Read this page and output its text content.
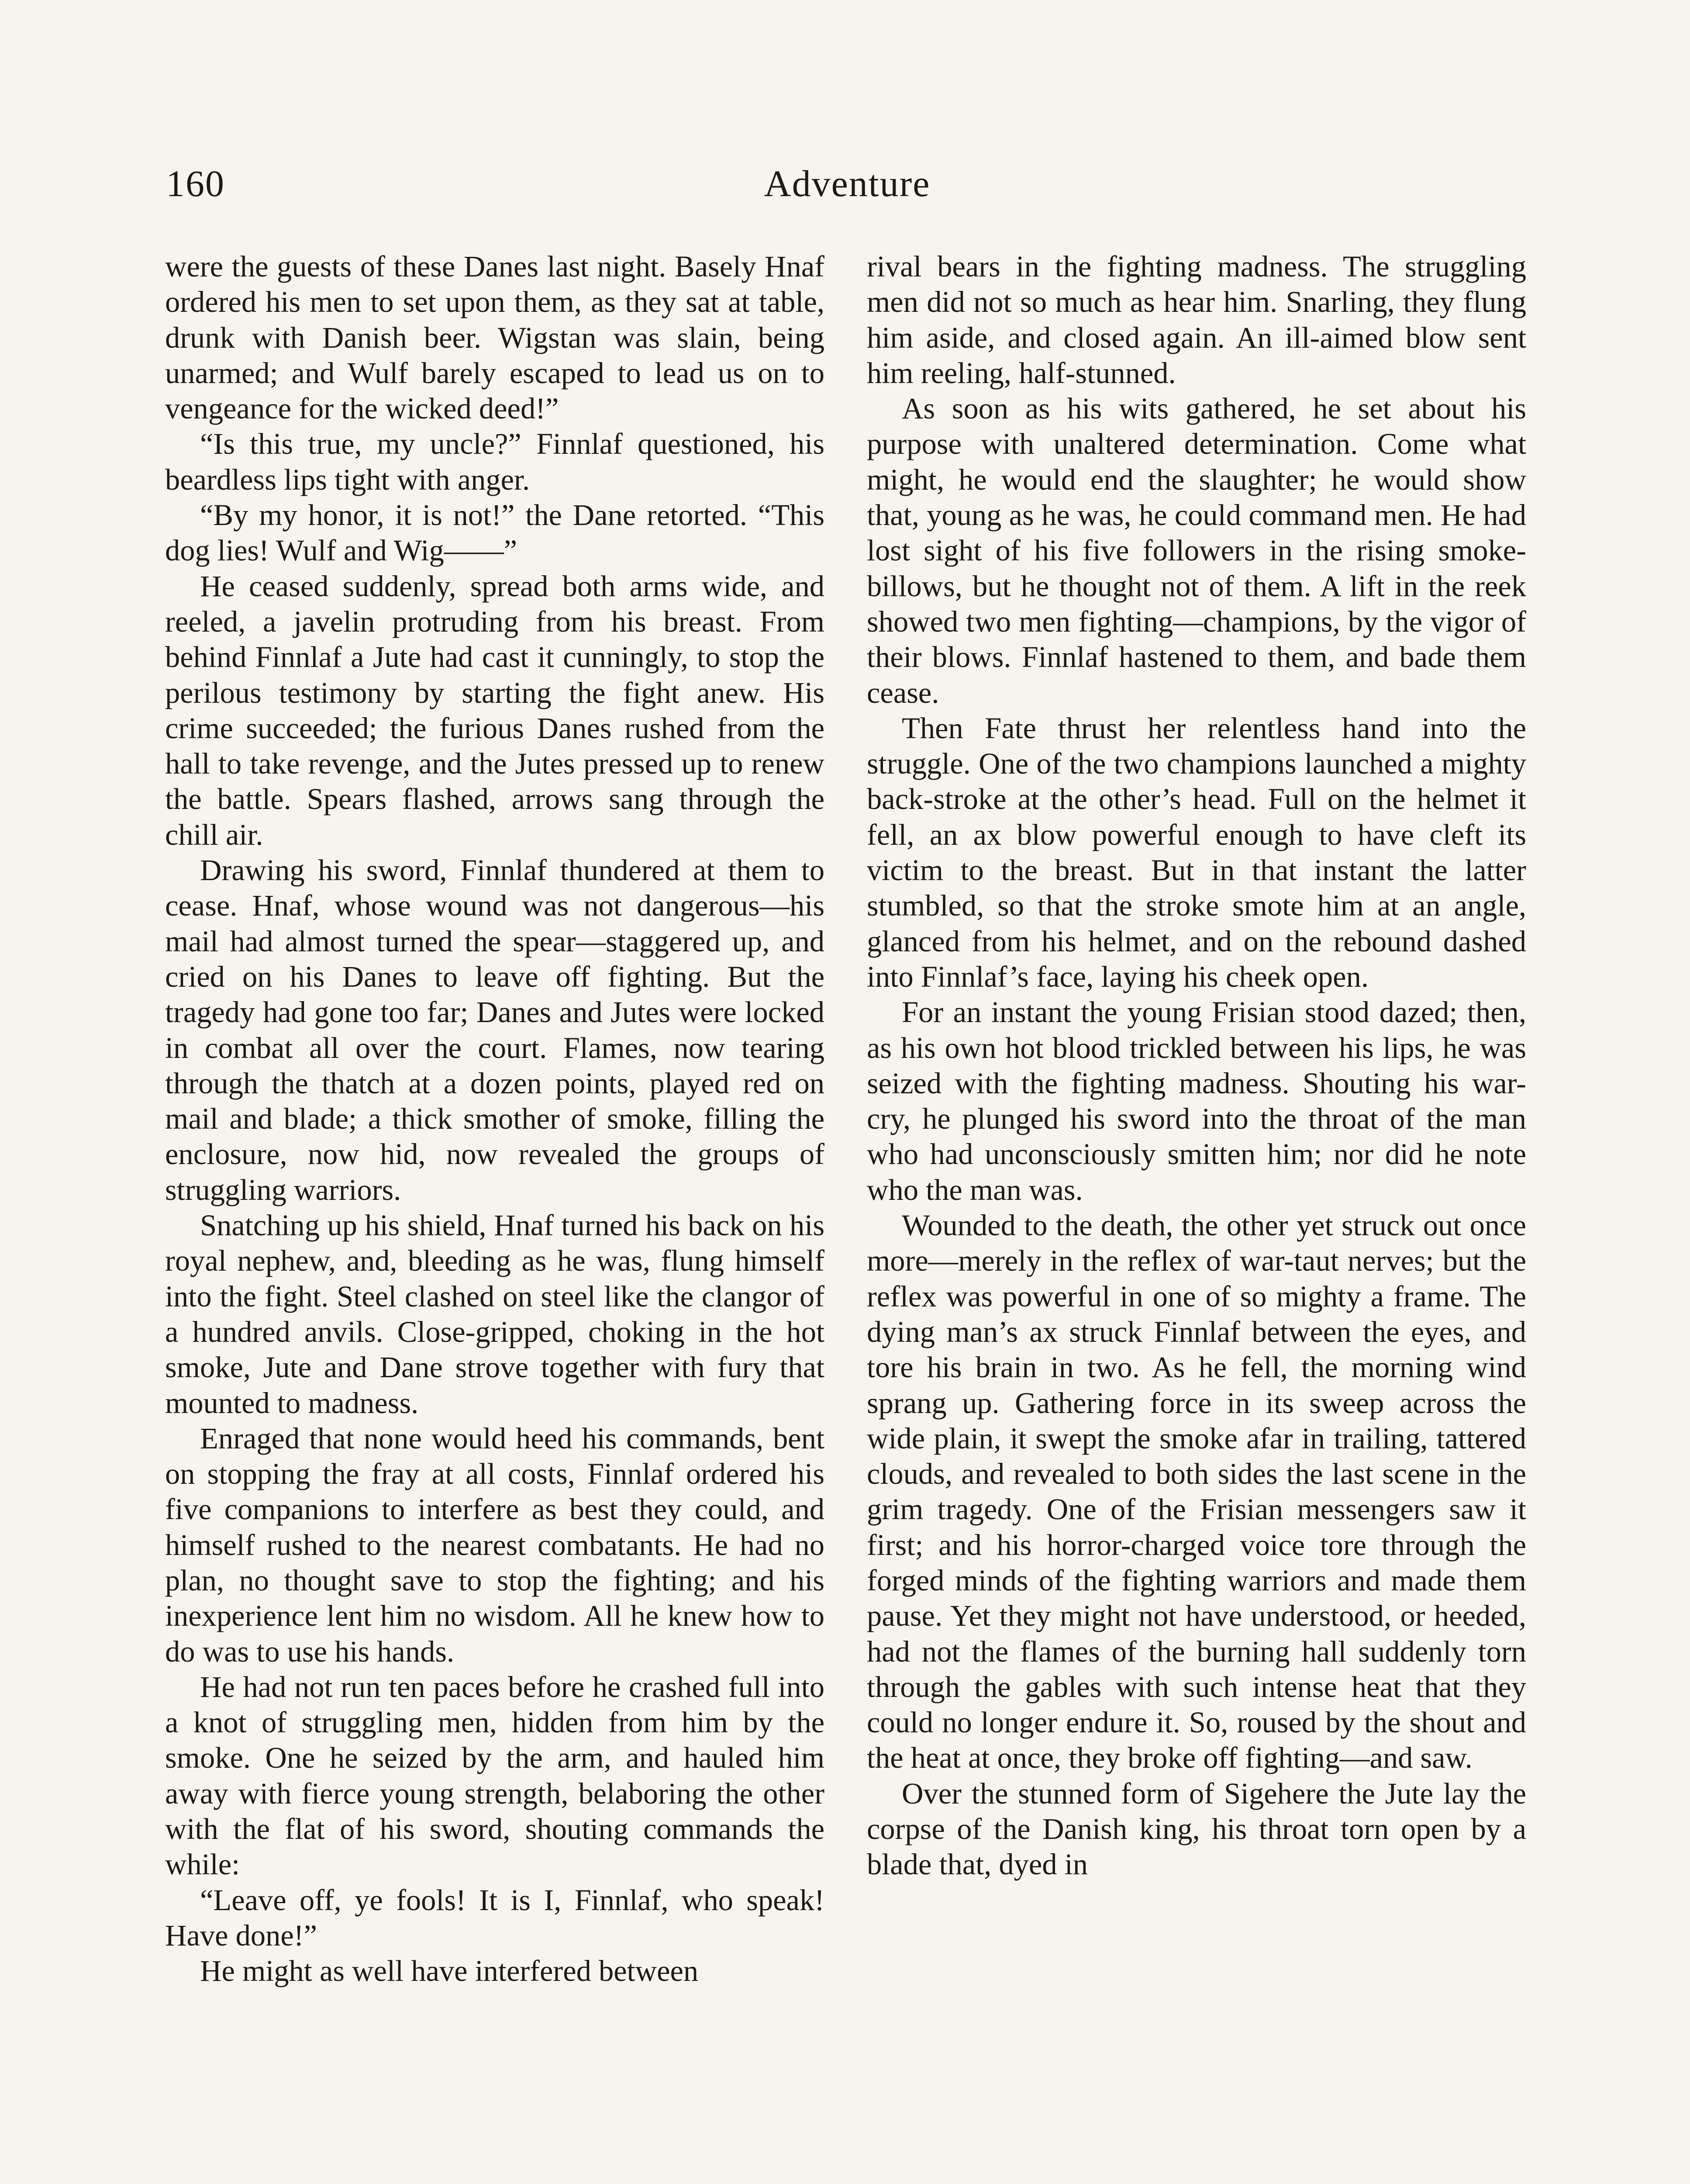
160	Adventure

were the guests of these Danes last night. Basely Hnaf ordered his men to set upon them, as they sat at table, drunk with Danish beer. Wigstan was slain, being unarmed; and Wulf barely escaped to lead us on to vengeance for the wicked deed!”

“Is this true, my uncle?” Finnlaf questioned, his beardless lips tight with anger.

“By my honor, it is not!” the Dane retorted. “This dog lies! Wulf and Wig——”

He ceased suddenly, spread both arms wide, and reeled, a javelin protruding from his breast. From behind Finnlaf a Jute had cast it cunningly, to stop the perilous testimony by starting the fight anew. His crime succeeded; the furious Danes rushed from the hall to take revenge, and the Jutes pressed up to renew the battle. Spears flashed, arrows sang through the chill air.

Drawing his sword, Finnlaf thundered at them to cease. Hnaf, whose wound was not dangerous—his mail had almost turned the spear—staggered up, and cried on his Danes to leave off fighting. But the tragedy had gone too far; Danes and Jutes were locked in combat all over the court. Flames, now tearing through the thatch at a dozen points, played red on mail and blade; a thick smother of smoke, filling the enclosure, now hid, now revealed the groups of struggling warriors.

Snatching up his shield, Hnaf turned his back on his royal nephew, and, bleeding as he was, flung himself into the fight. Steel clashed on steel like the clangor of a hundred anvils. Close-gripped, choking in the hot smoke, Jute and Dane strove together with fury that mounted to madness.

Enraged that none would heed his commands, bent on stopping the fray at all costs, Finnlaf ordered his five companions to interfere as best they could, and himself rushed to the nearest combatants. He had no plan, no thought save to stop the fighting; and his inexperience lent him no wisdom. All he knew how to do was to use his hands.

He had not run ten paces before he crashed full into a knot of struggling men, hidden from him by the smoke. One he seized by the arm, and hauled him away with fierce young strength, belaboring the other with the flat of his sword, shouting commands the while:

“Leave off, ye fools! It is I, Finnlaf, who speak! Have done!”

He might as well have interfered between

rival bears in the fighting madness. The struggling men did not so much as hear him. Snarling, they flung him aside, and closed again. An ill-aimed blow sent him reeling, half-stunned.

As soon as his wits gathered, he set about his purpose with unaltered determination. Come what might, he would end the slaughter; he would show that, young as he was, he could command men. He had lost sight of his five followers in the rising smoke-billows, but he thought not of them. A lift in the reek showed two men fighting—champions, by the vigor of their blows. Finnlaf hastened to them, and bade them cease.

Then Fate thrust her relentless hand into the struggle. One of the two champions launched a mighty back-stroke at the other’s head. Full on the helmet it fell, an ax blow powerful enough to have cleft its victim to the breast. But in that instant the latter stumbled, so that the stroke smote him at an angle, glanced from his helmet, and on the rebound dashed into Finnlaf’s face, laying his cheek open.

For an instant the young Frisian stood dazed; then, as his own hot blood trickled between his lips, he was seized with the fighting madness. Shouting his war-cry, he plunged his sword into the throat of the man who had unconsciously smitten him; nor did he note who the man was.

Wounded to the death, the other yet struck out once more—merely in the reflex of war-taut nerves; but the reflex was powerful in one of so mighty a frame. The dying man’s ax struck Finnlaf between the eyes, and tore his brain in two. As he fell, the morning wind sprang up. Gathering force in its sweep across the wide plain, it swept the smoke afar in trailing, tattered clouds, and revealed to both sides the last scene in the grim tragedy. One of the Frisian messengers saw it first; and his horror-charged voice tore through the forged minds of the fighting warriors and made them pause. Yet they might not have understood, or heeded, had not the flames of the burning hall suddenly torn through the gables with such intense heat that they could no longer endure it. So, roused by the shout and the heat at once, they broke off fighting—and saw.

Over the stunned form of Sigehere the Jute lay the corpse of the Danish king, his throat torn open by a blade that, dyed in
